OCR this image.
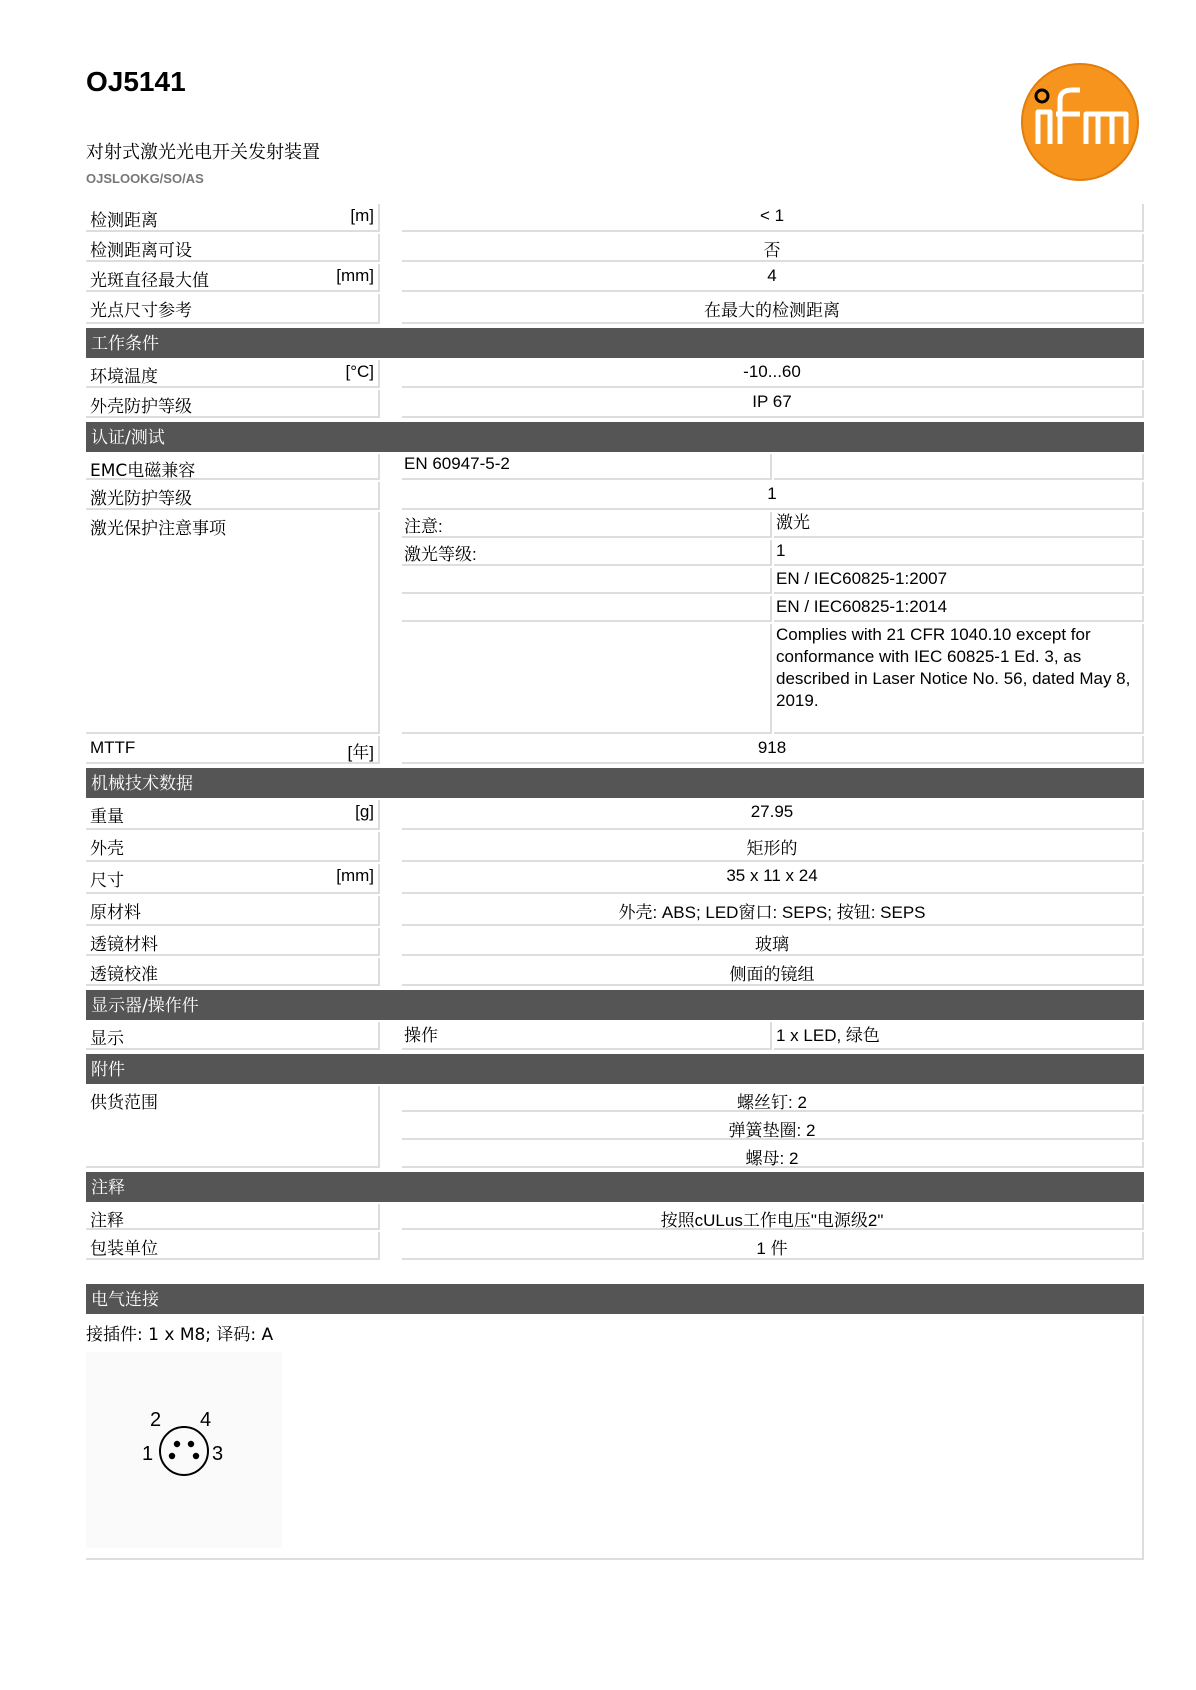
OJ5141
对射式激光光电开关发射装置
OJSLOOKG/SO/AS
检测距离	[m]	< 1
检测距离可设	否
光斑直径最大值	[mm]	4
光点尺寸参考	在最大的检测距离
工作条件
环境温度	[°C]	-10...60
外壳防护等级	IP 67
认证/测试
EMC电磁兼容	EN 60947-5-2
激光防护等级	1
激光保护注意事项	注意:	激光
激光等级:	1
EN / IEC60825-1:2007
EN / IEC60825-1:2014
Complies with 21 CFR 1040.10 except for conformance with IEC 60825-1 Ed. 3, as described in Laser Notice No. 56, dated May 8, 2019.
MTTF	[年]	918
机械技术数据
重量	[g]	27.95
外壳	矩形的
尺寸	[mm]	35 x 11 x 24
原材料	外壳: ABS; LED窗口: SEPS; 按钮: SEPS
透镜材料	玻璃
透镜校准	侧面的镜组
显示器/操作件
显示	操作	1 x LED, 绿色
附件
供货范围	螺丝钉: 2
弹簧垫圈: 2
螺母: 2
注释
注释	按照cULus工作电压"电源级2"
包装单位	1 件
电气连接
接插件: 1 x M8; 译码: A
2 4
1	3
